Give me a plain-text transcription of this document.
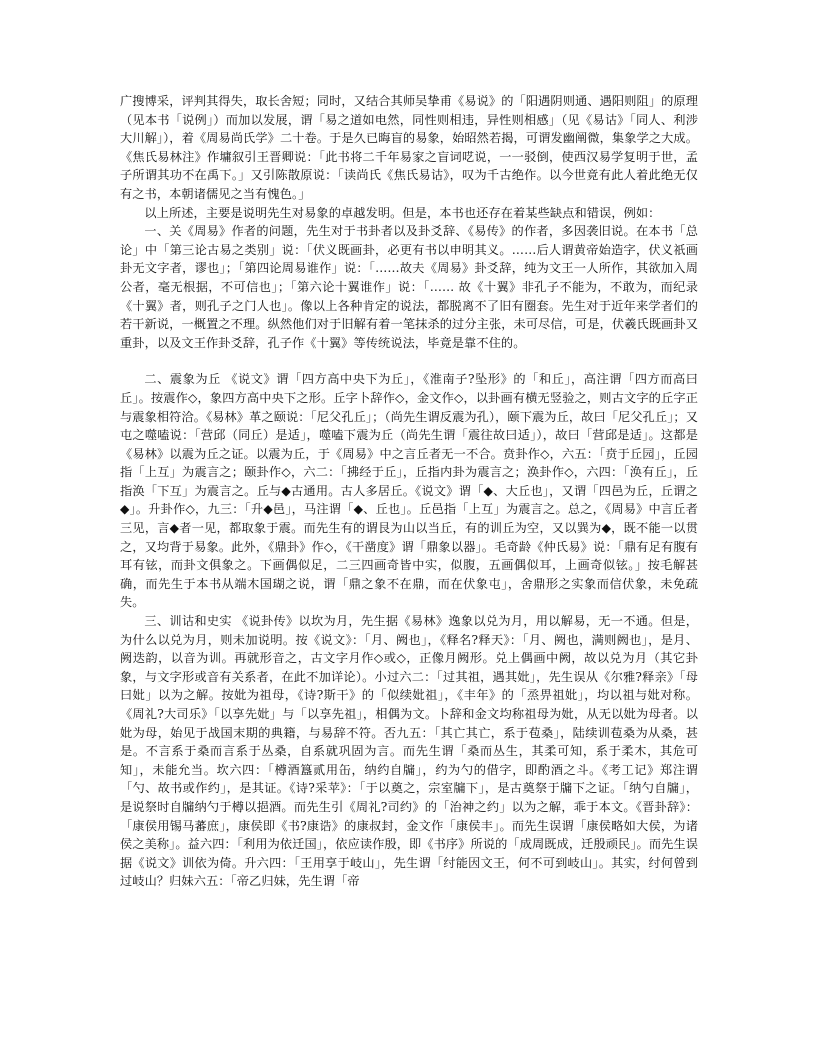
广搜博采，评判其得失，取长舍短；同时，又结合其师吴挚甫《易说》的「阳遇阴则通、遇阳则阻」的原理（见本书「说例」）而加以发展，谓「易之道如电然，同性则相违，异性则相感」（见《易诂》「同人、利涉大川解」），着《周易尚氏学》二十卷。于是久已晦盲的易象，始昭然若揭，可谓发幽阐微，集象学之大成。《焦氏易林注》作墉叙引王晋卿说：「此书将二千年易家之盲词呓说，一一驳倒，使西汉易学复明于世，孟子所谓其功不在禹下。」又引陈散原说：「读尚氏《焦氏易诂》，叹为千古绝作。以今世竟有此人着此绝无仅有之书，本朝诸儒见之当有愧色。」

以上所述，主要是说明先生对易象的卓越发明。但是，本书也还存在着某些缺点和错误，例如：

一、关《周易》作者的问题，先生对于书卦者以及卦爻辞、《易传》的作者，多因袭旧说。在本书「总论」中「第三论古易之类别」说：「伏义既画卦，必更有书以申明其义。……后人谓黄帝始造字，伏义祇画卦无文字者，谬也」；「第四论周易谁作」说：「……故夫《周易》卦爻辞，纯为文王一人所作，其欲加入周公者，毫无根据，不可信也」；「第六论十翼谁作」说：「…… 故《十翼》非孔子不能为，不敢为，而纪录《十翼》者，则孔子之门人也」。像以上各种肯定的说法，都脱离不了旧有圈套。先生对于近年来学者们的若干新说，一概置之不理。纵然他们对于旧解有着一笔抹杀的过分主张，未可尽信，可是，伏羲氏既画卦又重卦，以及文王作卦爻辞，孔子作《十翼》等传统说法，毕竟是靠不住的。

二、震象为丘 《说文》谓「四方高中央下为丘」，《淮南子?坠形》的「和丘」，高注谓「四方而高曰丘」。按震作◇，象四方高中央下之形。丘字卜辞作◇，金文作◇，以卦画有横无竖验之，则古文字的丘字正与震象相符洽。《易林》革之颐说：「尼父孔丘」；（尚先生谓反震为孔），颐下震为丘，故曰「尼父孔丘」；又屯之噬嗑说：「营邱（同丘）是适」，噬嗑下震为丘（尚先生谓「震往故曰适」），故曰「营邱是适」。这都是《易林》以震为丘之证。以震为丘，于《周易》中之言丘者无一不合。贲卦作◇，六五：「贲于丘园」，丘园指「上互」为震言之；颐卦作◇，六二：「拂经于丘」，丘指内卦为震言之；涣卦作◇，六四：「涣有丘」，丘指涣「下互」为震言之。丘与◆古通用。古人多居丘。《说文》谓「◆、大丘也」，又谓「四邑为丘，丘谓之◆」。升卦作◇，九三：「升◆邑」，马注谓「◆、丘也」。丘邑指「上互」为震言之。总之，《周易》中言丘者三见，言◆者一见，都取象于震。而先生有的谓艮为山以当丘，有的训丘为空，又以巽为◆，既不能一以贯之，又均背于易象。此外，《鼎卦》作◇，《干凿度》谓「鼎象以器」。毛奇龄《仲氏易》说：「鼎有足有腹有耳有铉，而卦文俱象之。下画偶似足，二三四画奇皆中实，似腹，五画偶似耳，上画奇似铉。」按毛解甚确，而先生于本书从端木国瑚之说，谓「鼎之象不在鼎，而在伏象屯」，舍鼎形之实象而信伏象，未免疏失。

三、训诂和史实 《说卦传》以坎为月，先生据《易林》逸象以兑为月，用以解易，无一不通。但是，为什么以兑为月，则未加说明。按《说文》：「月、阙也」，《释名?释天》：「月、阙也，满则阙也」，是月、阙迭韵，以音为训。再就形音之，古文字月作◇或◇，正像月阙形。兑上偶画中阙，故以兑为月（其它卦象，与文字形或音有关系者，在此不加详论）。小过六二：「过其祖，遇其妣」，先生误从《尔雅?释亲》「母曰妣」以为之解。按妣为祖母，《诗?斯干》的「似续妣祖」，《丰年》的「烝畀祖妣」，均以祖与妣对称。《周礼?大司乐》「以享先妣」与「以享先祖」，相偶为文。卜辞和金文均称祖母为妣，从无以妣为母者。以妣为母，始见于战国末期的典籍，与易辞不符。否九五：「其亡其亡，系于苞桑」，陆续训苞桑为从桑，甚是。不言系于桑而言系于丛桑，自系就巩固为言。而先生谓「桑而丛生，其柔可知，系于柔木，其危可知」，未能允当。坎六四：「樽酒簋贰用缶，纳约自牖」，约为勺的借字，即酌酒之斗。《考工记》郑注谓「勺、故书或作约」，是其证。《诗?采苹》：「于以奠之，宗室牖下」，是古奠祭于牖下之证。「纳勺自牖」，是说祭时自牖纳勺于樽以挹酒。而先生引《周礼?司约》的「治神之约」以为之解，乖于本文。《晋卦辞》：「康侯用锡马蕃庶」，康侯即《书?康诰》的康叔封，金文作「康侯丰」。而先生误谓「康侯略如大侯，为诸侯之美称」。益六四：「利用为依迁国」，依应读作殷，即《书序》所说的「成周既成，迁殷顽民」。而先生误据《说文》训依为倚。升六四：「王用享于岐山」，先生谓「纣能因文王，何不可到岐山」。其实，纣何曾到过岐山？归妹六五：「帝乙归妹，先生谓「帝
